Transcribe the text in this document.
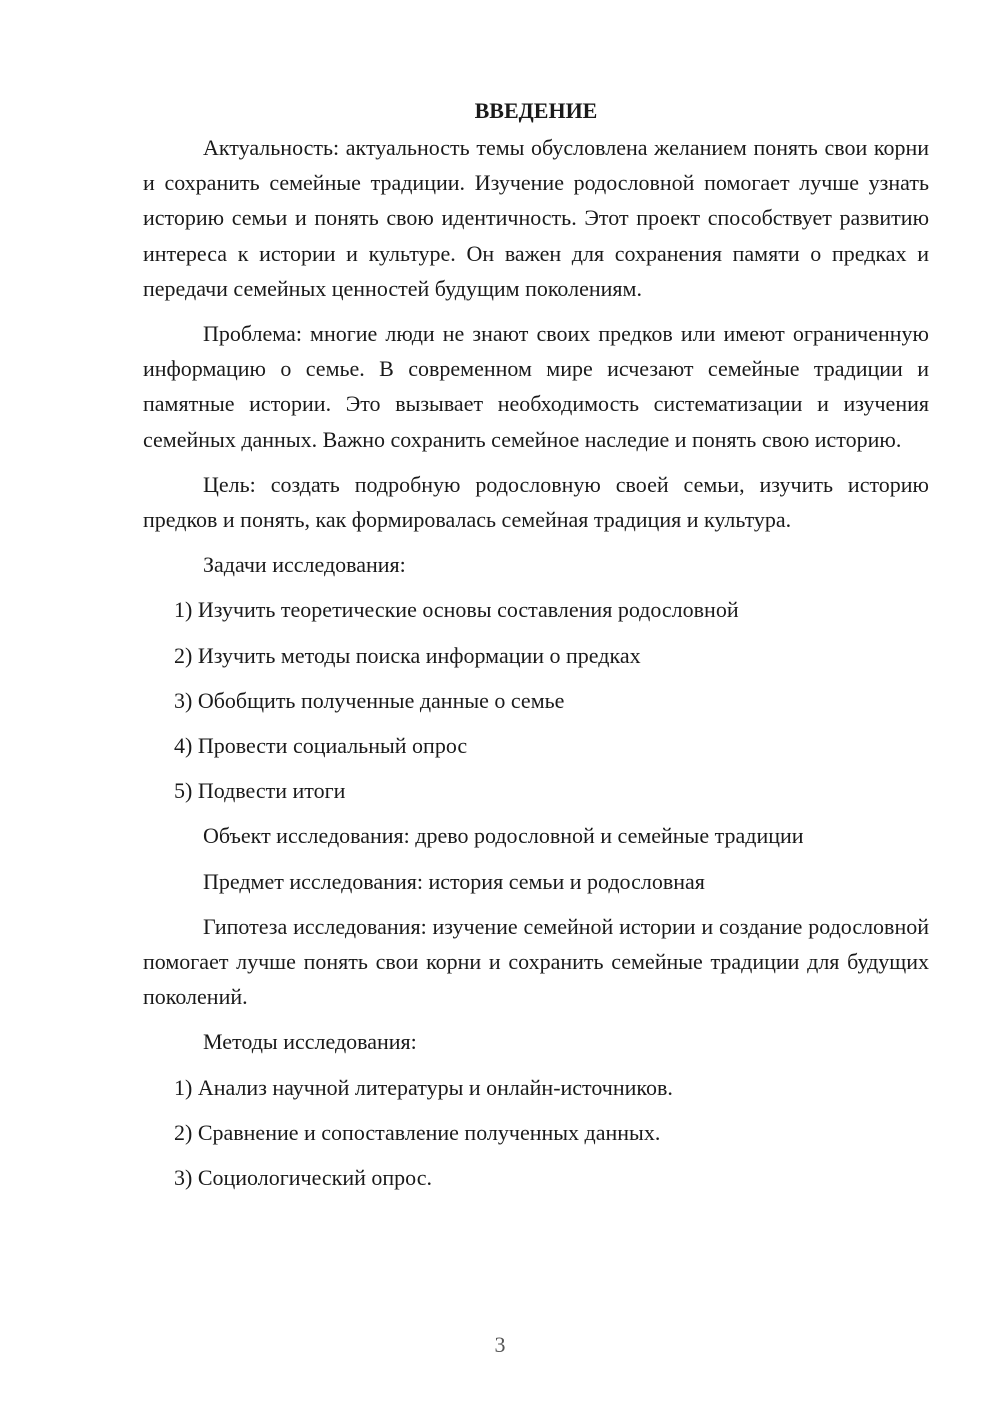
ВВЕДЕНИЕ

Актуальность: актуальность темы обусловлена желанием понять свои корни и сохранить семейные традиции. Изучение родословной помогает лучше узнать историю семьи и понять свою идентичность. Этот проект способствует развитию интереса к истории и культуре. Он важен для сохранения памяти о предках и передачи семейных ценностей будущим поколениям.

Проблема: многие люди не знают своих предков или имеют ограниченную информацию о семье. В современном мире исчезают семейные традиции и памятные истории. Это вызывает необходимость систематизации и изучения семейных данных. Важно сохранить семейное наследие и понять свою историю.

Цель: создать подробную родословную своей семьи, изучить историю предков и понять, как формировалась семейная традиция и культура.

Задачи исследования:

1) Изучить теоретические основы составления родословной
2) Изучить методы поиска информации о предках
3) Обобщить полученные данные о семье
4) Провести социальный опрос
5) Подвести итоги

Объект исследования: древо родословной и семейные традиции

Предмет исследования: история семьи и родословная

Гипотеза исследования: изучение семейной истории и создание родословной помогает лучше понять свои корни и сохранить семейные традиции для будущих поколений.

Методы исследования:

1) Анализ научной литературы и онлайн-источников.
2) Сравнение и сопоставление полученных данных.
3) Социологический опрос.
3
